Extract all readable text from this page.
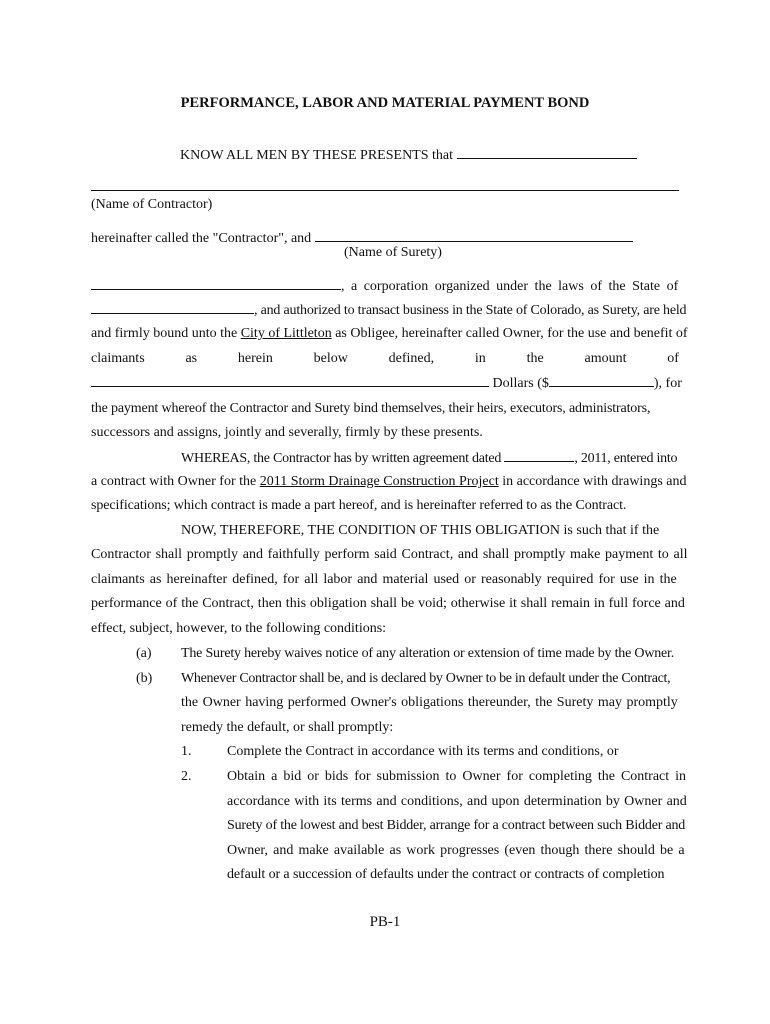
PERFORMANCE, LABOR AND MATERIAL PAYMENT BOND
KNOW ALL MEN BY THESE PRESENTS that
(Name of Contractor)
hereinafter called the "Contractor", and
(Name of Surety)
, a corporation organized under the laws of the State of
, and authorized to transact business in the State of Colorado, as Surety, are held
and firmly bound unto the City of Littleton as Obligee, hereinafter called Owner, for the use and benefit of
claimants	as	herein	below	defined,	in	the	amount	of
Dollars ($	), for
the payment whereof the Contractor and Surety bind themselves, their heirs, executors, administrators,
successors and assigns, jointly and severally, firmly by these presents.
WHEREAS, the Contractor has by written agreement dated	, 2011, entered into
a contract with Owner for the 2011 Storm Drainage Construction Project in accordance with drawings and
specifications; which contract is made a part hereof, and is hereinafter referred to as the Contract.
NOW, THEREFORE, THE CONDITION OF THIS OBLIGATION is such that if the
Contractor shall promptly and faithfully perform said Contract, and shall promptly make payment to all
claimants as hereinafter defined, for all labor and material used or reasonably required for use in the
performance of the Contract, then this obligation shall be void; otherwise it shall remain in full force and
effect, subject, however, to the following conditions:
(a) The Surety hereby waives notice of any alteration or extension of time made by the Owner.
(b) Whenever Contractor shall be, and is declared by Owner to be in default under the Contract,
the Owner having performed Owner's obligations thereunder, the Surety may promptly
remedy the default, or shall promptly:
1.	Complete the Contract in accordance with its terms and conditions, or
2.	Obtain a bid or bids for submission to Owner for completing the Contract in
accordance with its terms and conditions, and upon determination by Owner and
Surety of the lowest and best Bidder, arrange for a contract between such Bidder and
Owner, and make available as work progresses (even though there should be a
default or a succession of defaults under the contract or contracts of completion
PB-1
